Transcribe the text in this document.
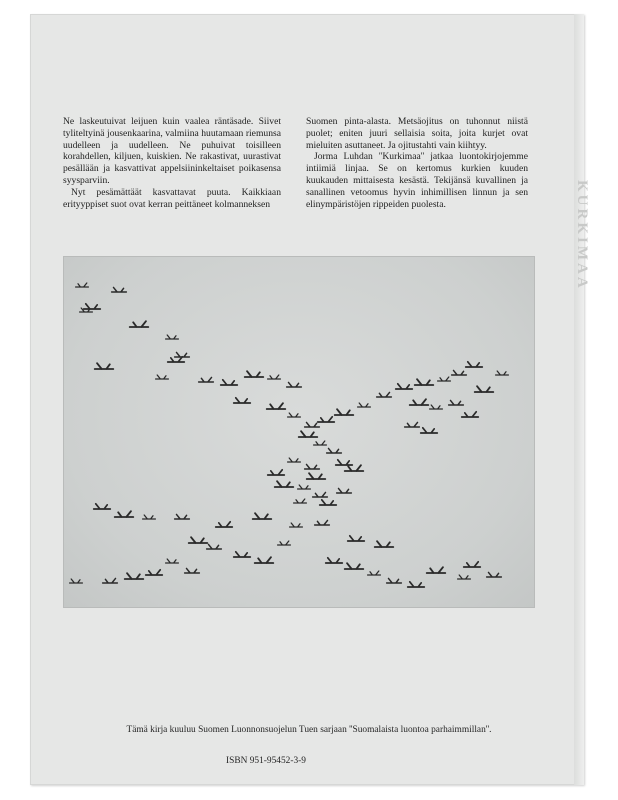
KURKIMAA

Ne laskeutuivat leijuen kuin vaalea räntäsade. Siivet tyliteltyinä jousenkaarina, valmiina huutamaan riemunsa uudelleen ja uudelleen. Ne puhuivat toisilleen korahdellen, kiljuen, kuiskien. Ne rakastivat, uurastivat pesällään ja kasvattivat appelsiininkeltaiset poikasensa syysparviin.

Nyt pesämättäät kasvattavat puuta. Kaikkiaan erityyppiset suot ovat kerran peittäneet kolmanneksen

Suomen pinta-alasta. Metsäojitus on tuhonnut niistä puolet; eniten juuri sellaisia soita, joita kurjet ovat mieluiten asuttaneet. Ja ojitustahti vain kiihtyy.

Jorma Luhdan ''Kurkimaa'' jatkaa luontokirjojemme intiimiä linjaa. Se on kertomus kurkien kuuden kuukauden mittaisesta kesästä. Tekijänsä kuvallinen ja sanallinen vetoomus hyvin inhimillisen linnun ja sen elinympäristöjen rippeiden puolesta.

Tämä kirja kuuluu Suomen Luonnonsuojelun Tuen sarjaan ''Suomalaista luontoa parhaimmillan''.
ISBN 951-95452-3-9
